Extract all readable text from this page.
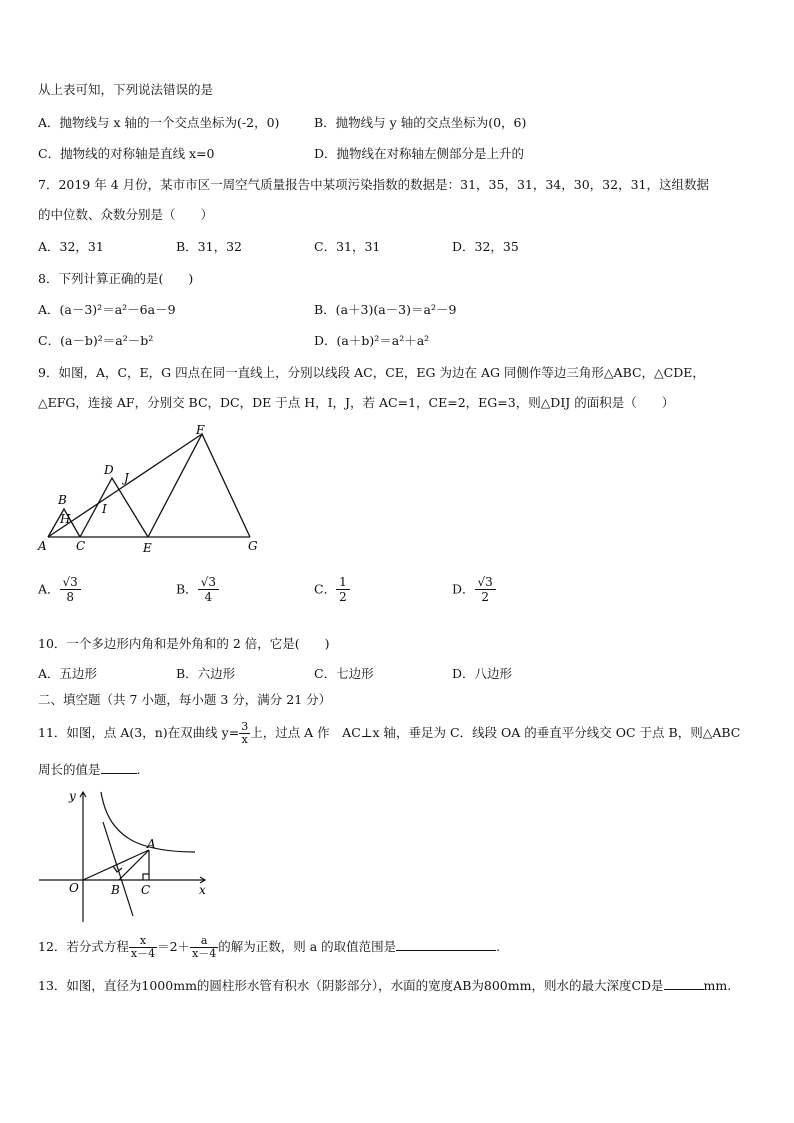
从上表可知，下列说法错误的是
A．抛物线与 x 轴的一个交点坐标为(-2，0)	B．抛物线与 y 轴的交点坐标为(0，6)
C．抛物线的对称轴是直线 x=0	D．抛物线在对称轴左侧部分是上升的
7．2019 年 4 月份，某市市区一周空气质量报告中某项污染指数的数据是：31，35，31，34，30，32，31，这组数据
的中位数、众数分别是（　　）
A．32，31	B．31，32	C．31，31	D．32，35
8．下列计算正确的是(　　)
A．(a－3)²＝a²－6a－9	B．(a＋3)(a－3)＝a²－9
C．(a－b)²＝a²－b²	D．(a＋b)²＝a²＋a²
9．如图，A，C，E，G 四点在同一直线上，分别以线段 AC，CE，EG 为边在 AG 同侧作等边三角形△ABC，△CDE，
△EFG，连接 AF，分别交 BC，DC，DE 于点 H，I，J，若 AC=1，CE=2，EG=3，则△DIJ 的面积是（　　）
A
B
C
D
E
F
G
H
I
J
A． $\frac{√3}{8}$	B． $\frac{√3}{4}$	C． $\frac{1}{2}$	D． $\frac{√3}{2}$
10．一个多边形内角和是外角和的 2 倍，它是(　　)
A．五边形	B．六边形	C．七边形	D．八边形
二、填空题（共 7 小题，每小题 3 分，满分 21 分）
11．如图，点 A(3，n)在双曲线 $y= \frac{3}{x}$ 上，过点 A 作　AC⊥x 轴，垂足为 C．线段 OA 的垂直平分线交 OC 于点 B，则△ABC
周长的值是	.
y
x
O
A
B C
12．若分式方程 $\frac{x}{x-4} =2+ \frac{a}{x-4}$ 的解为正数，则 a 的取值范围是	.
13．如图，直径为1000mm的圆柱形水管有积水（阴影部分），水面的宽度AB为800mm，则水的最大深度CD是	mm.
